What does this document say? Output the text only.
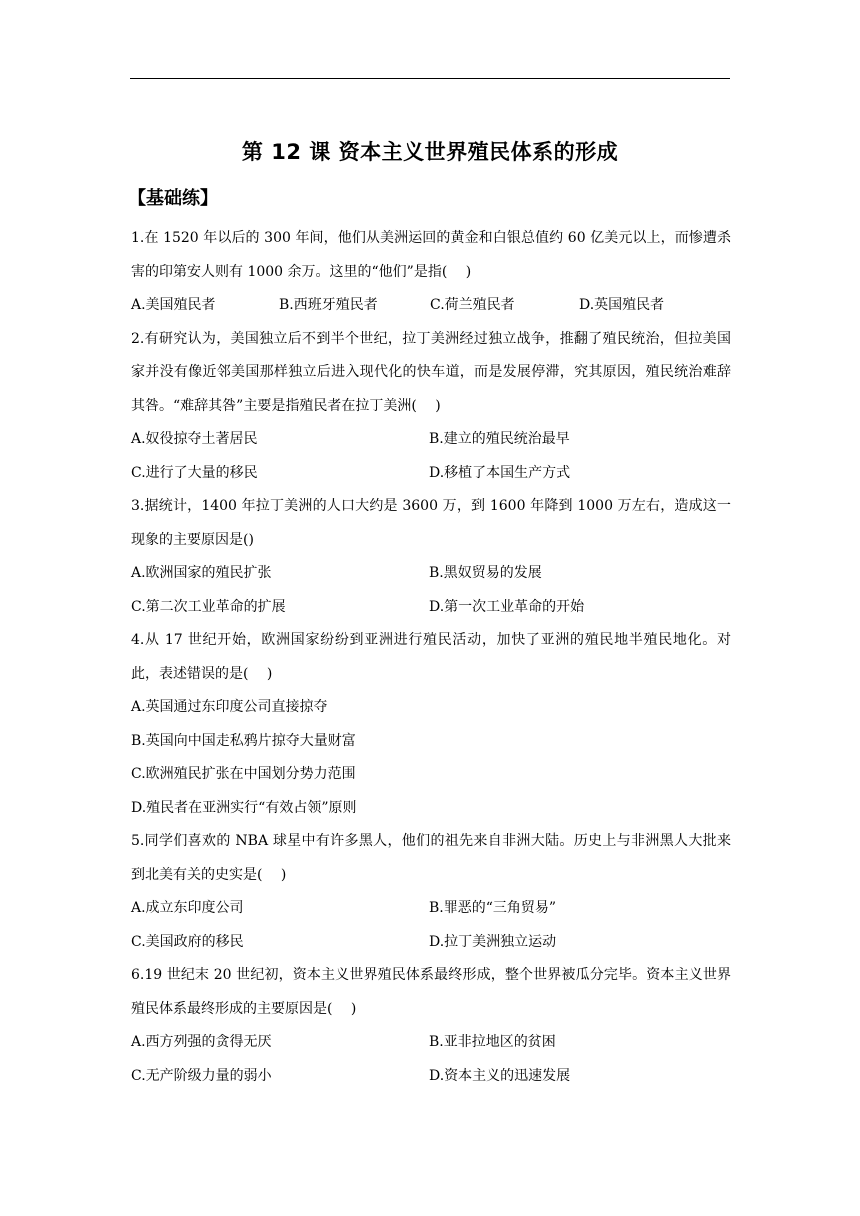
第 12 课 资本主义世界殖民体系的形成
【基础练】
1.在 1520 年以后的 300 年间，他们从美洲运回的黄金和白银总值约 60 亿美元以上，而惨遭杀害的印第安人则有 1000 余万。这里的“他们”是指(　 )
A.美国殖民者	B.西班牙殖民者	C.荷兰殖民者	D.英国殖民者
2.有研究认为，美国独立后不到半个世纪，拉丁美洲经过独立战争，推翻了殖民统治，但拉美国家并没有像近邻美国那样独立后进入现代化的快车道，而是发展停滞，究其原因，殖民统治难辞其咎。“难辞其咎”主要是指殖民者在拉丁美洲(　 )
A.奴役掠夺土著居民	B.建立的殖民统治最早
C.进行了大量的移民	D.移植了本国生产方式
3.据统计，1400 年拉丁美洲的人口大约是 3600 万，到 1600 年降到 1000 万左右，造成这一现象的主要原因是()
A.欧洲国家的殖民扩张	B.黑奴贸易的发展
C.第二次工业革命的扩展	D.第一次工业革命的开始
4.从 17 世纪开始，欧洲国家纷纷到亚洲进行殖民活动，加快了亚洲的殖民地半殖民地化。对此，表述错误的是(　 )
A.英国通过东印度公司直接掠夺
B.英国向中国走私鸦片掠夺大量财富
C.欧洲殖民扩张在中国划分势力范围
D.殖民者在亚洲实行“有效占领”原则
5.同学们喜欢的 NBA 球星中有许多黑人，他们的祖先来自非洲大陆。历史上与非洲黑人大批来到北美有关的史实是(　 )
A.成立东印度公司	B.罪恶的“三角贸易”
C.美国政府的移民	D.拉丁美洲独立运动
6.19 世纪末 20 世纪初，资本主义世界殖民体系最终形成，整个世界被瓜分完毕。资本主义世界殖民体系最终形成的主要原因是(　 )
A.西方列强的贪得无厌	B.亚非拉地区的贫困
C.无产阶级力量的弱小	D.资本主义的迅速发展
